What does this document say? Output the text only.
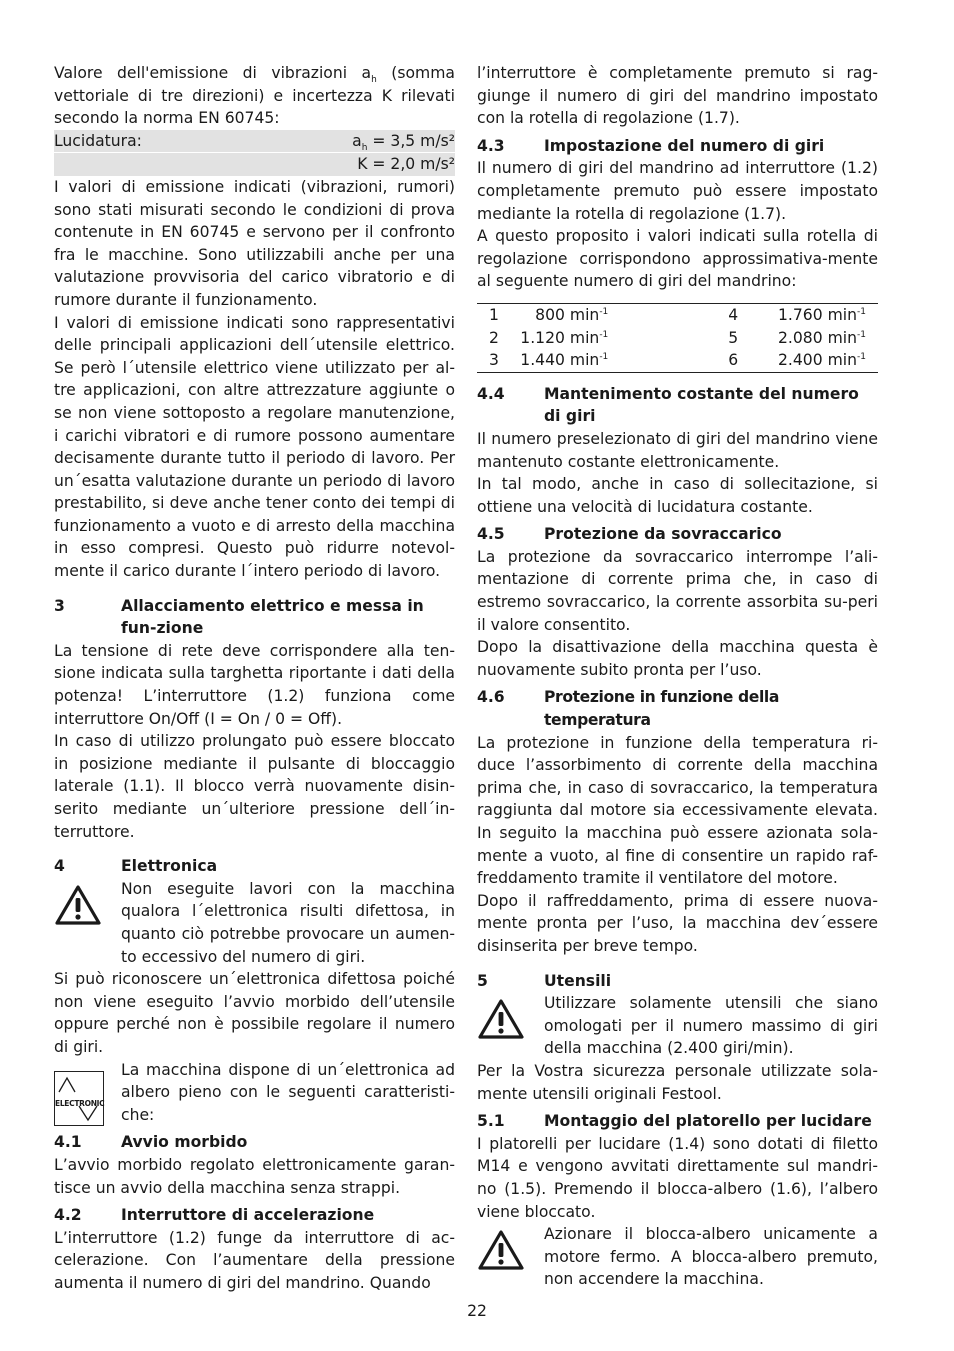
Valore dell'emissione di vibrazioni $a_h$ (somma vettoriale di tre direzioni) e incertezza K rilevati secondo la norma EN 60745:

Lucidatura:	$a_h = 3,5$ m/s²
K = 2,0 m/s²

I valori di emissione indicati (vibrazioni, rumori) sono stati misurati secondo le condizioni di prova contenute in EN 60745 e servono per il confronto fra le macchine. Sono utilizzabili anche per una valutazione provvisoria del carico vibratorio e di rumore durante il funzionamento.

I valori di emissione indicati sono rappresentativi delle principali applicazioni dell´utensile elettrico. Se però l´utensile elettrico viene utilizzato per al-tre applicazioni, con altre attrezzature aggiunte o se non viene sottoposto a regolare manutenzione, i carichi vibratori e di rumore possono aumentare decisamente durante tutto il periodo di lavoro. Per un´esatta valutazione durante un periodo di lavoro prestabilito, si deve anche tener conto dei tempi di funzionamento a vuoto e di arresto della macchina in esso compresi. Questo può ridurre notevol-mente il carico durante l´intero periodo di lavoro.

3	Allacciamento elettrico e messa in fun-zione

La tensione di rete deve corrispondere alla ten-sione indicata sulla targhetta riportante i dati della potenza! L’interruttore (1.2) funziona come interruttore On/Off (I = On / 0 = Off).

In caso di utilizzo prolungato può essere bloccato in posizione mediante il pulsante di bloccaggio laterale (1.1). Il blocco verrà nuovamente disin-serito mediante un´ulteriore pressione dell´in-terruttore.

4	Elettronica

Non eseguite lavori con la macchina qualora l´elettronica risulti difettosa, in quanto ciò potrebbe provocare un aumen-to eccessivo del numero di giri.

Si può riconoscere un´elettronica difettosa poiché non viene eseguito l’avvio morbido dell’utensile oppure perché non è possibile regolare il numero di giri.

ELECTRONIC

La macchina dispone di un´elettronica ad albero pieno con le seguenti caratteristi-che:

4.1	Avvio morbido

L’avvio morbido regolato elettronicamente garan-tisce un avvio della macchina senza strappi.

4.2	Interruttore di accelerazione

L’interruttore (1.2) funge da interruttore di ac-celerazione. Con l’aumentare della pressione aumenta il numero di giri del mandrino. Quando

l’interruttore è completamente premuto si rag-giunge il numero di giri del mandrino impostato con la rotella di regolazione (1.7).

4.3	Impostazione del numero di giri

Il numero di giri del mandrino ad interruttore (1.2) completamente premuto può essere impostato mediante la rotella di regolazione (1.7).

A questo proposito i valori indicati sulla rotella di regolazione corrispondono approssimativa-mente al seguente numero di giri del mandrino:

1	800 $\min^{-1}$	4	1.760 $\min^{-1}$
2	1.120 $\min^{-1}$	5	2.080 $\min^{-1}$
3	1.440 $\min^{-1}$	6	2.400 $\min^{-1}$
4.4	Mantenimento costante del numero di giri

Il numero preselezionato di giri del mandrino viene mantenuto costante elettronicamente.

In tal modo, anche in caso di sollecitazione, si ottiene una velocità di lucidatura costante.

4.5	Protezione da sovraccarico

La protezione da sovraccarico interrompe l’ali-mentazione di corrente prima che, in caso di estremo sovraccarico, la corrente assorbita su-peri il valore consentito.

Dopo la disattivazione della macchina questa è nuovamente subito pronta per l’uso.

4.6	Protezione in funzione della temperatura

La protezione in funzione della temperatura ri-duce l’assorbimento di corrente della macchina prima che, in caso di sovraccarico, la temperatura raggiunta dal motore sia eccessivamente elevata. In seguito la macchina può essere azionata sola-mente a vuoto, al fine di consentire un rapido raf-freddamento tramite il ventilatore del motore.

Dopo il raffreddamento, prima di essere nuova-mente pronta per l’uso, la macchina dev´essere disinserita per breve tempo.

5	Utensili

Utilizzare solamente utensili che siano omologati per il numero massimo di giri della macchina (2.400 giri/min).

Per la Vostra sicurezza personale utilizzate sola-mente utensili originali Festool.

5.1	Montaggio del platorello per lucidare

I platorelli per lucidare (1.4) sono dotati di filetto M14 e vengono avvitati direttamente sul mandri-no (1.5). Premendo il blocca-albero (1.6), l’albero viene bloccato.

Azionare il blocca-albero unicamente a motore fermo. A blocca-albero premuto, non accendere la macchina.

22
